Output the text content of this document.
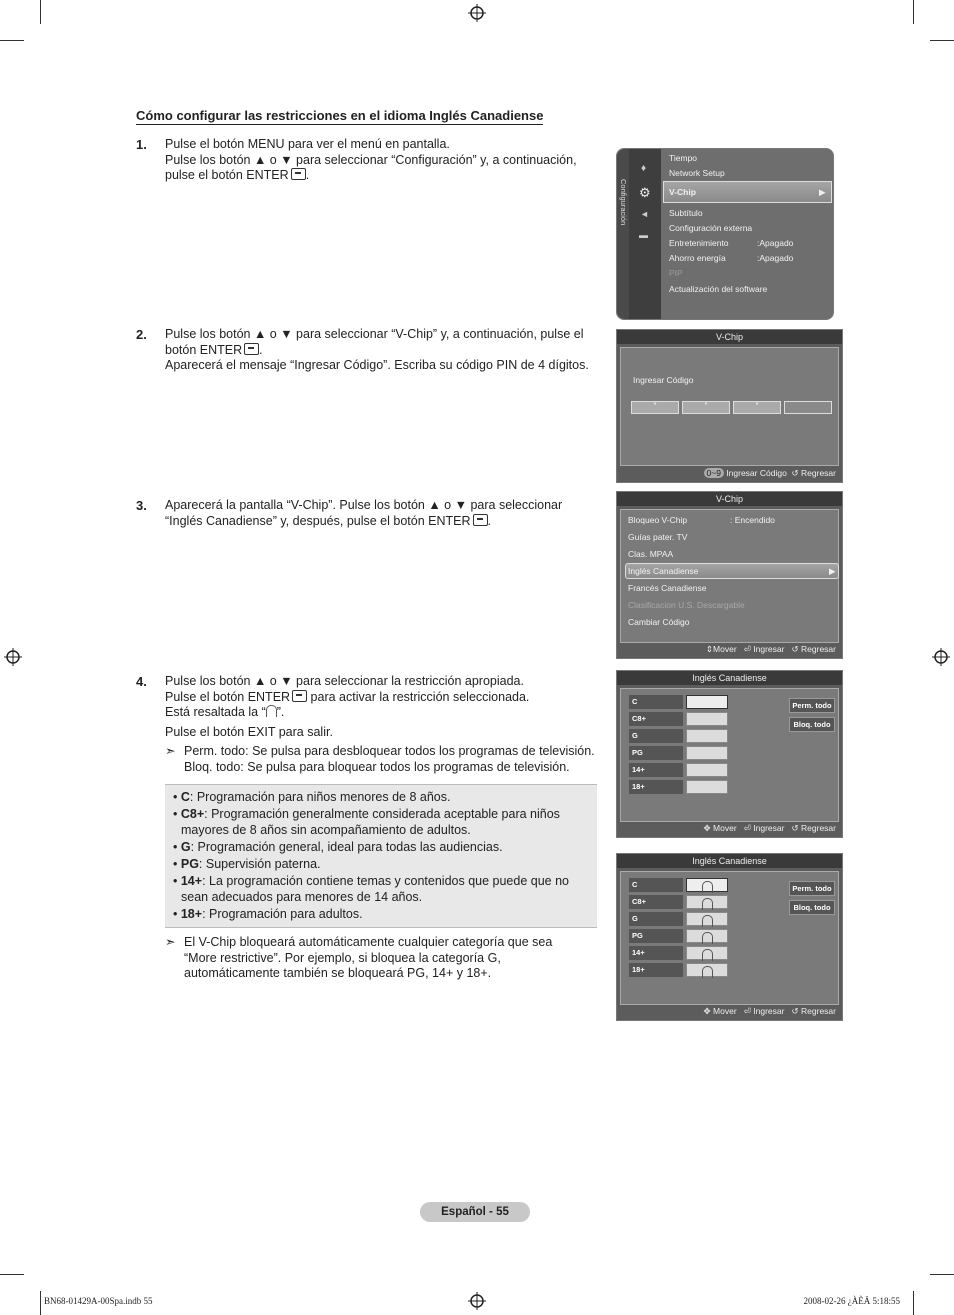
Cómo configurar las restricciones en el idioma Inglés Canadiense
1. Pulse el botón MENU para ver el menú en pantalla.
Pulse los botón ▲ o ▼ para seleccionar “Configuración” y, a continuación,
pulse el botón ENTER .
2. Pulse los botón ▲ o ▼ para seleccionar “V-Chip” y, a continuación, pulse el
botón ENTER .
Aparecerá el mensaje “Ingresar Código”. Escriba su código PIN de 4 dígitos.
3. Aparecerá la pantalla “V-Chip”. Pulse los botón ▲ o ▼ para seleccionar
“Inglés Canadiense” y, después, pulse el botón ENTER .
4. Pulse los botón ▲ o ▼ para seleccionar la restricción apropiada.
Pulse el botón ENTER para activar la restricción seleccionada.
Está resaltada la “ ”.
Pulse el botón EXIT para salir.
➣ Perm. todo: Se pulsa para desbloquear todos los programas de televisión.
Bloq. todo: Se pulsa para bloquear todos los programas de televisión.
• C: Programación para niños menores de 8 años.
• C8+: Programación generalmente considerada aceptable para niños mayores de 8 años sin acompañamiento de adultos.
• G: Programación general, ideal para todas las audiencias.
• PG: Supervisión paterna.
• 14+: La programación contiene temas y contenidos que puede que no sean adecuados para menores de 14 años.
• 18+: Programación para adultos.
➣ El V-Chip bloqueará automáticamente cualquier categoría que sea
“More restrictive”. Por ejemplo, si bloquea la categoría G,
automáticamente también se bloqueará PG, 14+ y 18+.
Configuración
♦
⚙
◄
▬
Tiempo
Network Setup
V-Chip	▶
Subtítulo
Configuración externa
Entretenimiento	:Apagado
Ahorro energía	:Apagado
PIP
Actualización del software
V-Chip
Ingresar Código
*	*	*
0~9 Ingresar Código ↺ Regresar
V-Chip
Bloqueo V-Chip	: Encendido
Guías pater. TV
Clas. MPAA
Inglés Canadiense	▶
Francés Canadiense
Clasificacion U.S. Descargable
Cambiar Código
⇕Mover ⏎ Ingresar ↺ Regresar
Inglés Canadiense
C
C8+
G
PG
14+
18+
Perm. todo
Bloq. todo
✥ Mover ⏎ Ingresar ↺ Regresar
Inglés Canadiense
C
C8+
G
PG
14+
18+
Perm. todo
Bloq. todo
✥ Mover ⏎ Ingresar ↺ Regresar
Español - 55
BN68-01429A-00Spa.indb 55	2008-02-26 ¿ÀÈÄ 5:18:55
